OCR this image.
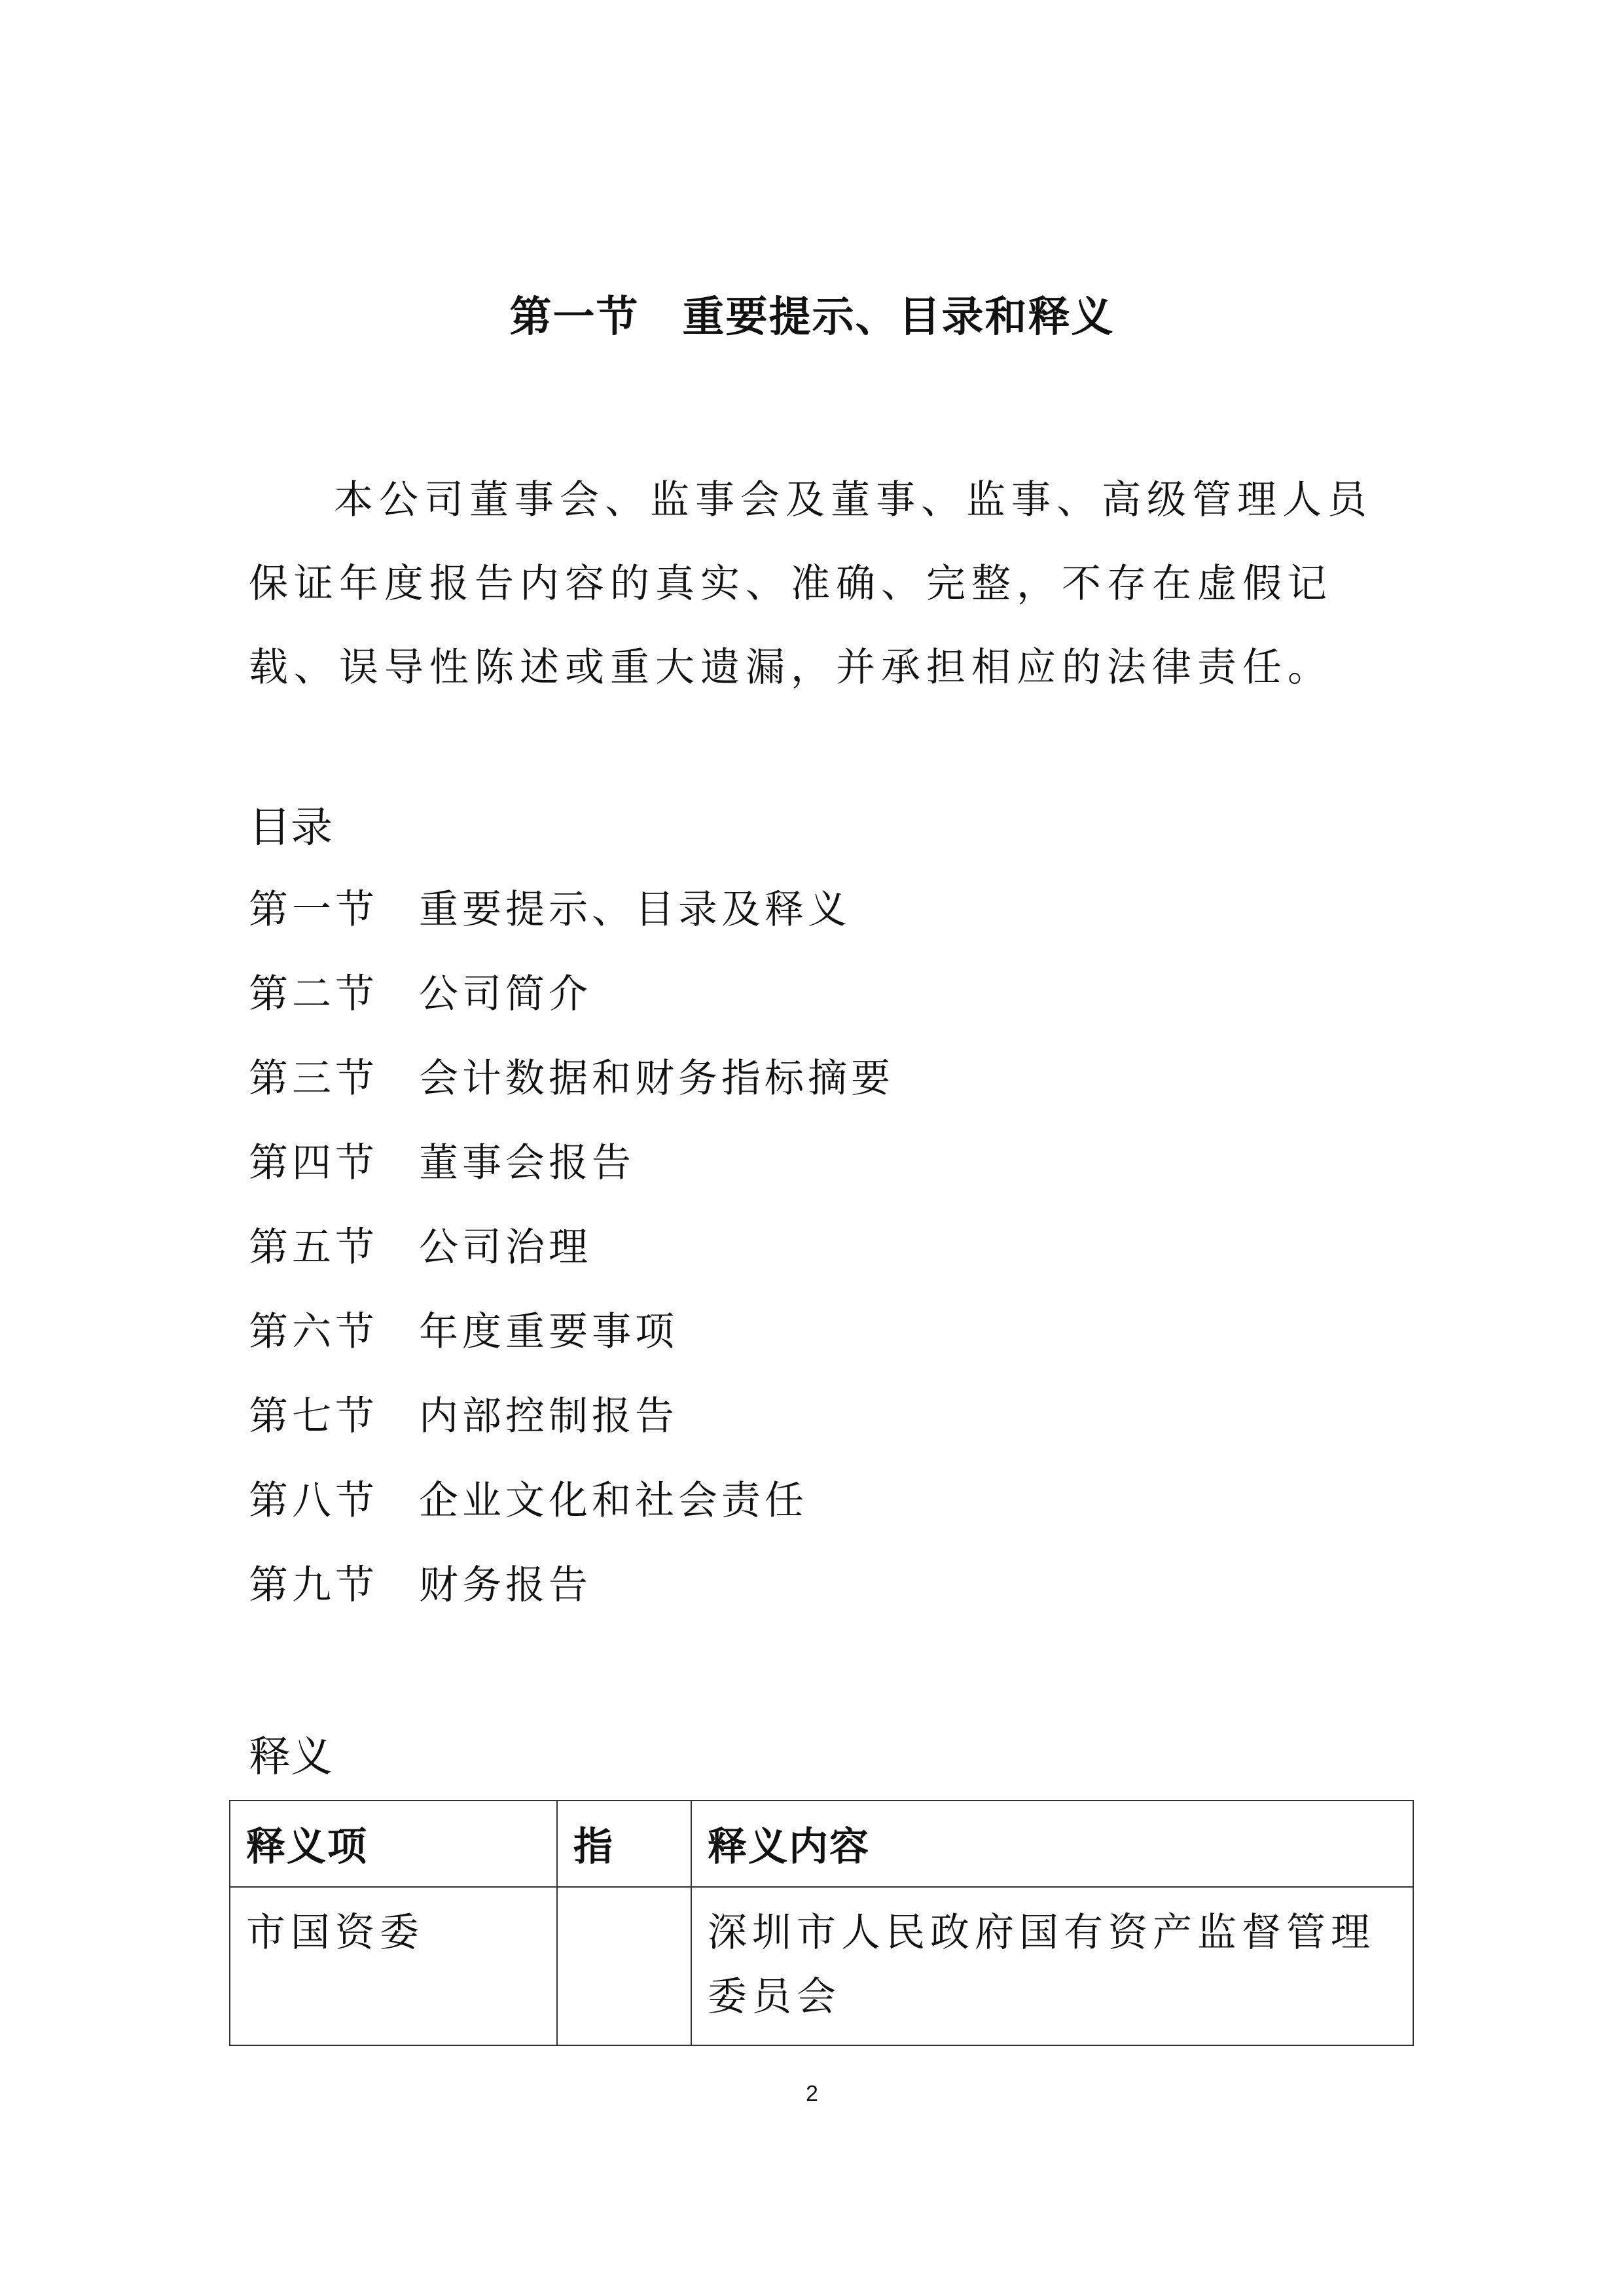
第一节　重要提示、目录和释义

本公司董事会、监事会及董事、监事、高级管理人员保证年度报告内容的真实、准确、完整，不存在虚假记载、误导性陈述或重大遗漏，并承担相应的法律责任。

目录
第一节 重要提示、目录及释义
第二节 公司简介
第三节 会计数据和财务指标摘要
第四节 董事会报告
第五节 公司治理
第六节 年度重要事项
第七节 内部控制报告
第八节 企业文化和社会责任
第九节 财务报告
释义
释义项	指	释义内容
市国资委		深圳市人民政府国有资产监督管理委员会
2
